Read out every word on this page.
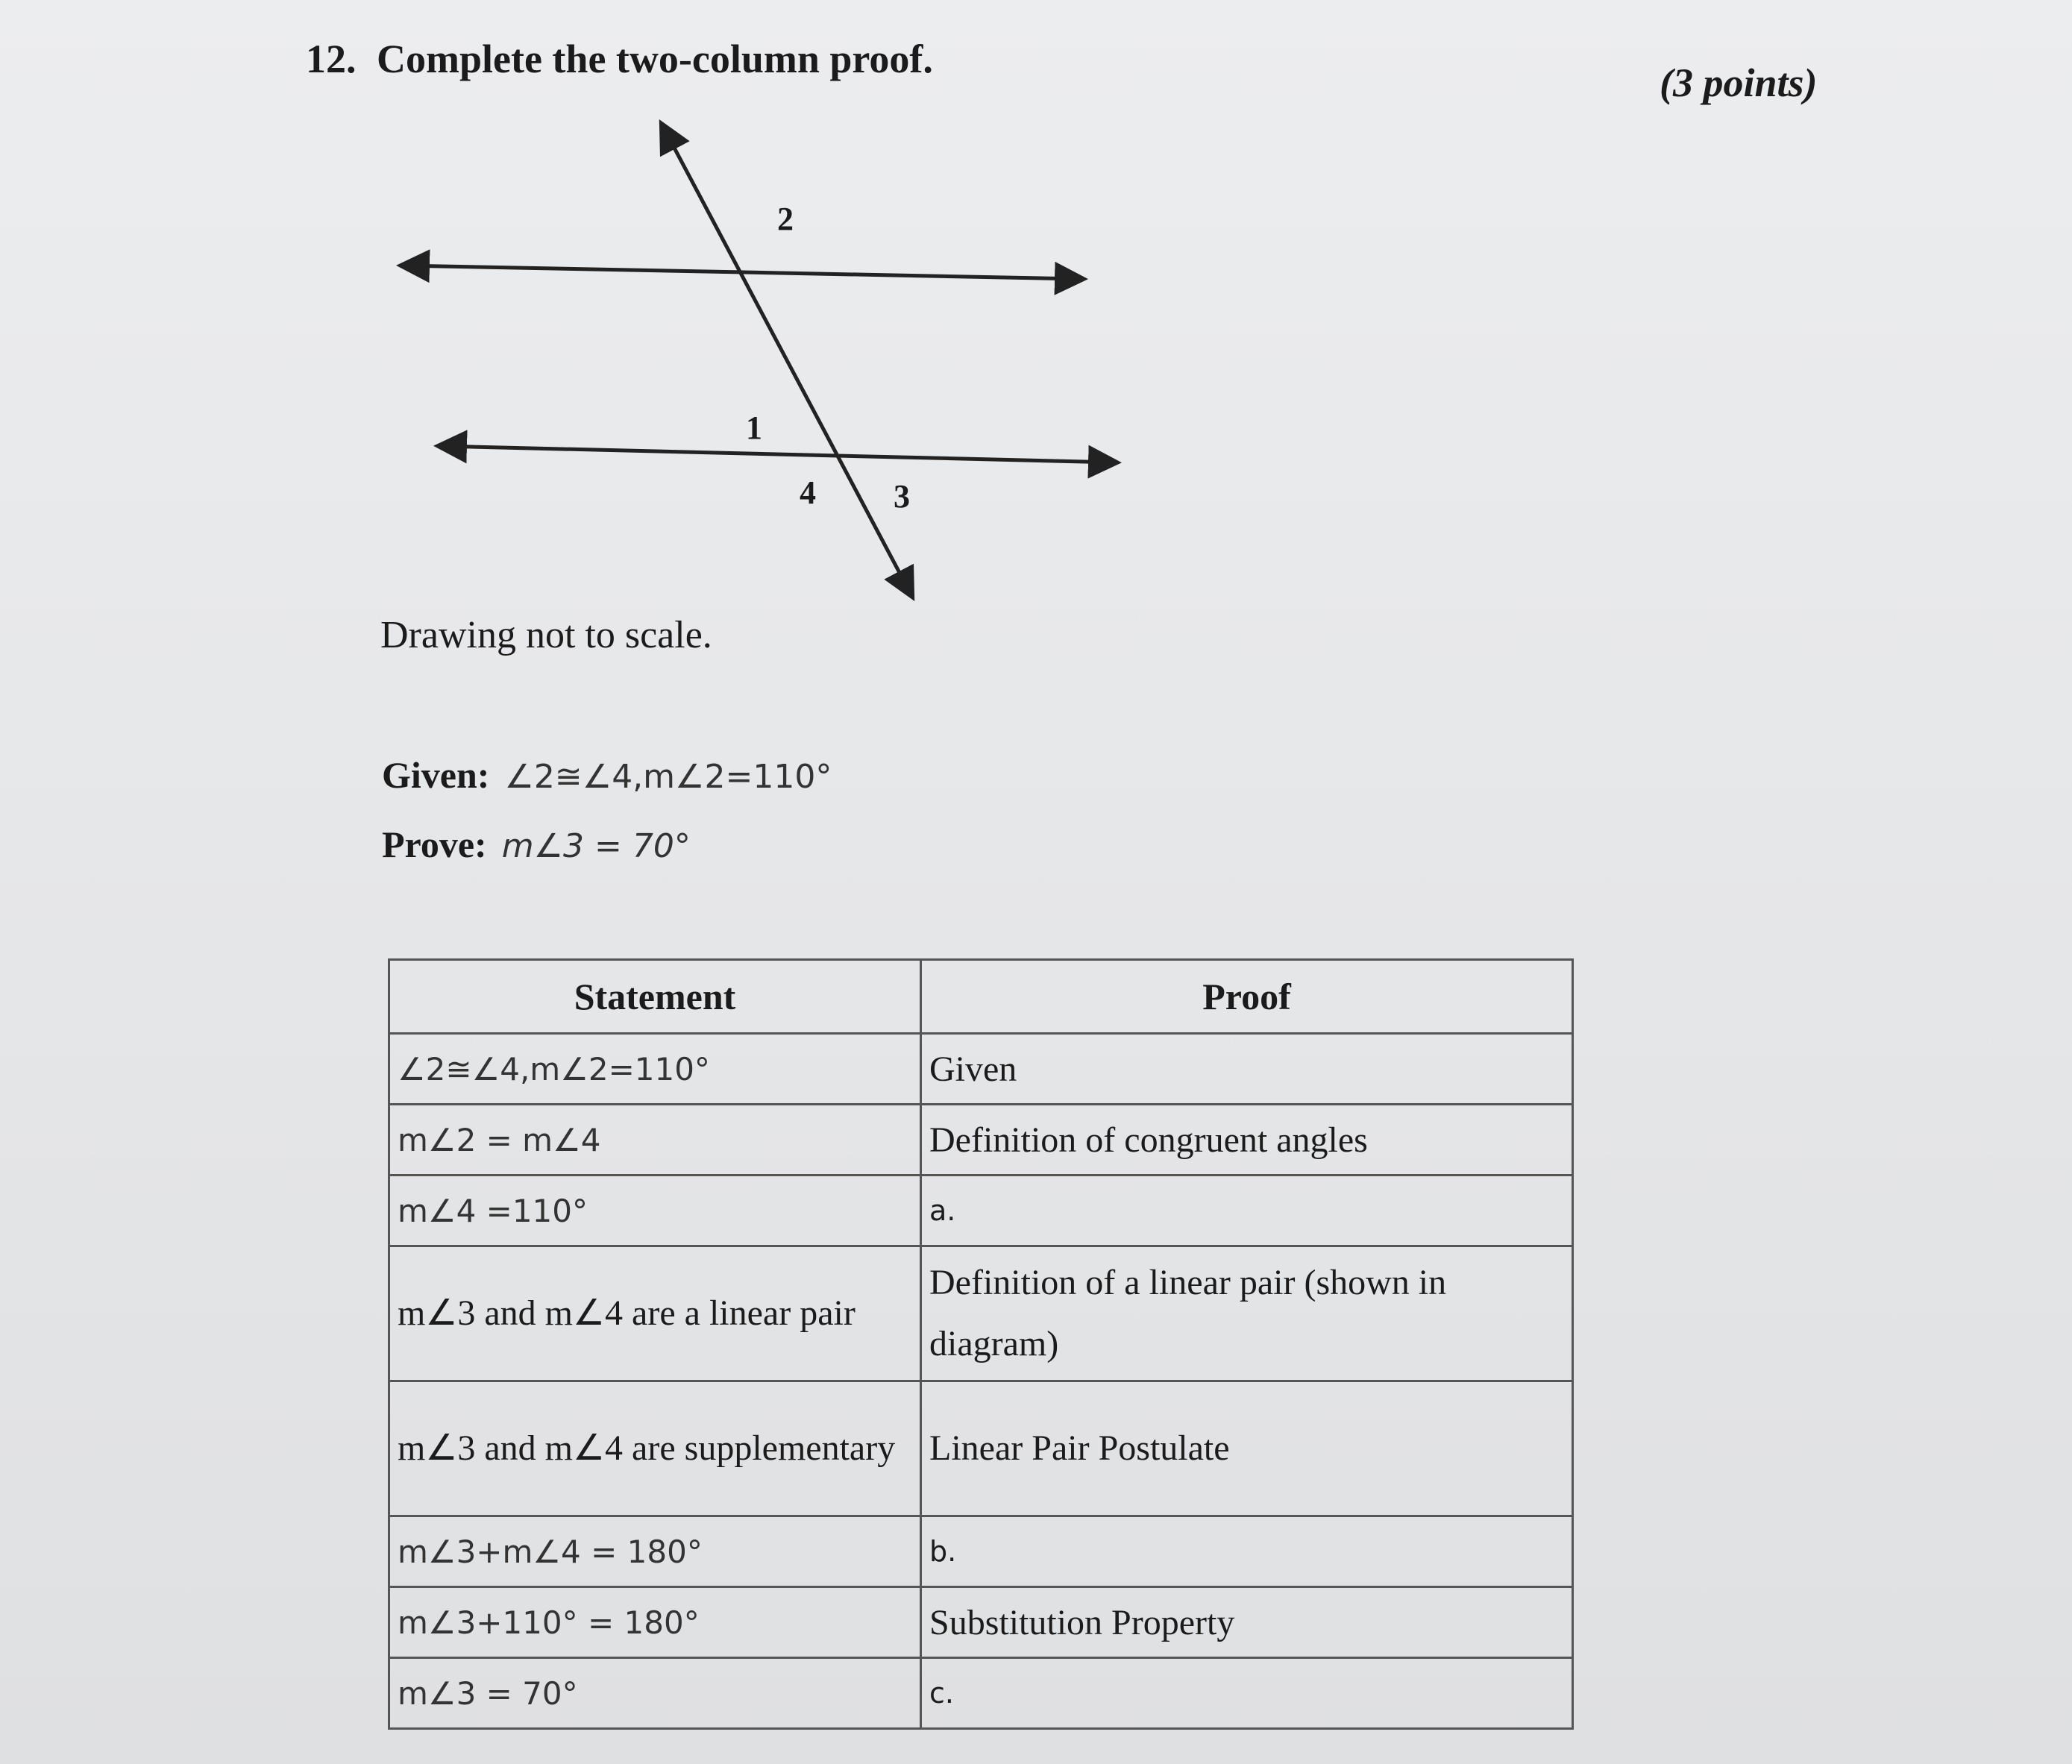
12. Complete the two-column proof.
(3 points)
2
1
4 3
Drawing not to scale.
Given: ∠2≅∠4,m∠2=110°
Prove: m∠3 = 70°
Statement	Proof
∠2≅∠4,m∠2=110°	Given
m∠2 = m∠4	Definition of congruent angles
m∠4 =110°	a.
m∠3 and m∠4 are a linear pair	Definition of a linear pair (shown in diagram)
m∠3 and m∠4 are supplementary	Linear Pair Postulate
m∠3+m∠4 = 180°	b.
m∠3+110° = 180°	Substitution Property
m∠3 = 70°	c.
